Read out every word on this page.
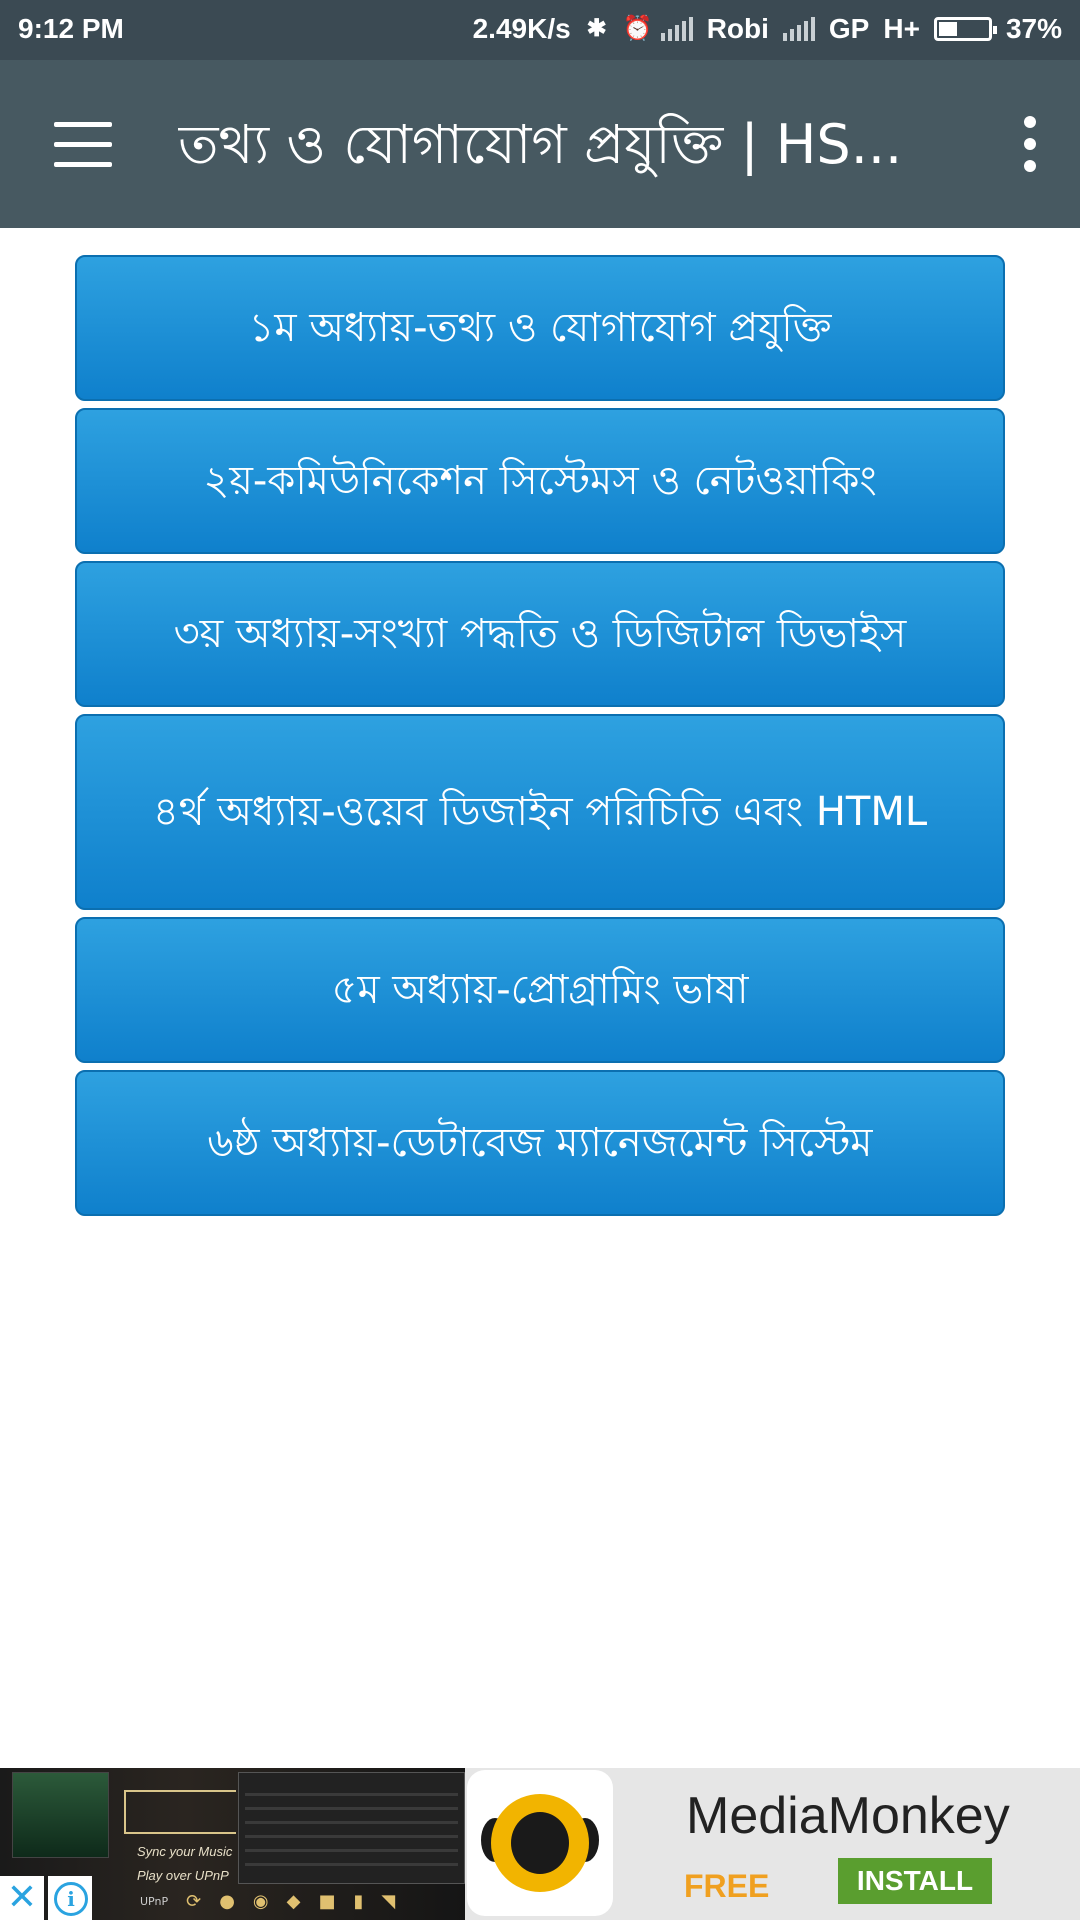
9:12 PM	2.49K/s ✱ ⏰ Robi GP H+	37%
তথ্য ও যোগাযোগ প্রযুক্তি | HS...
১ম অধ্যায়-তথ্য ও যোগাযোগ প্রযুক্তি
২য়-কমিউনিকেশন সিস্টেমস ও নেটওয়াকিং
৩য় অধ্যায়-সংখ্যা পদ্ধতি ও ডিজিটাল ডিভাইস
৪র্থ অধ্যায়-ওয়েব ডিজাইন পরিচিতি এবং HTML
৫ম অধ্যায়-প্রোগ্রামিং ভাষা
৬ষ্ঠ অধ্যায়-ডেটাবেজ ম্যানেজমেন্ট সিস্টেম
Sync your Music
Play over UPnP
UPnP ⟳ ● ◉ ◆ ■ ▮ ◥
✕	i
MediaMonkey
FREE	INSTALL
